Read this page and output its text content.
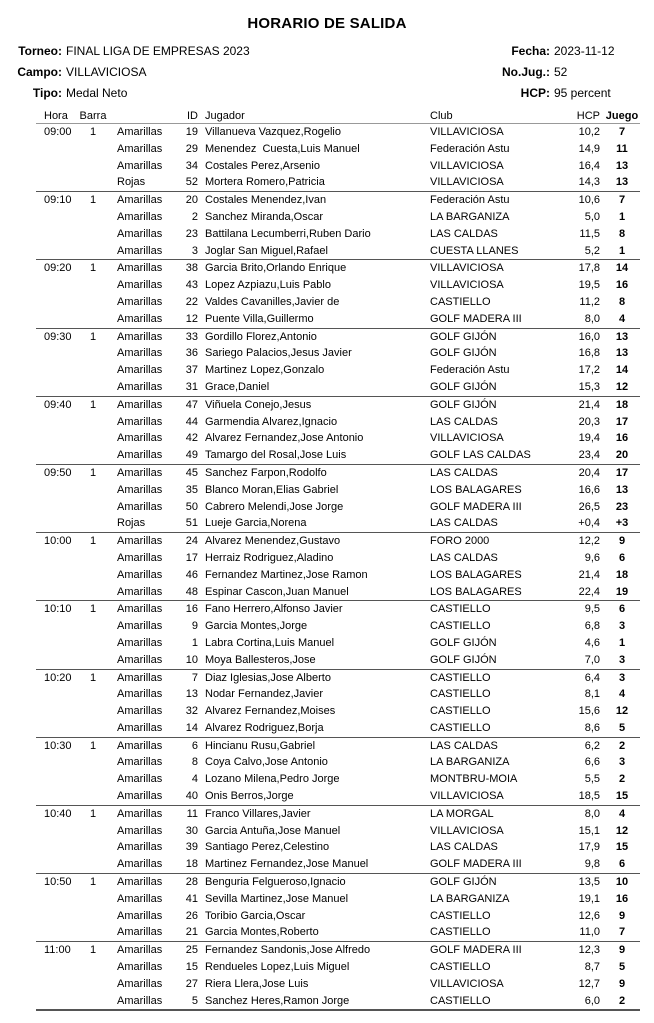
HORARIO DE SALIDA
Torneo: FINAL LIGA DE EMPRESAS 2023
Campo: VILLAVICIOSA
Tipo: Medal Neto
Fecha: 2023-11-12
No.Jug.: 52
HCP: 95 percent
Hora	Barra	ID Jugador	Club	HCP Juego
09:00	1	Amarillas	19 Villanueva Vazquez,Rogelio	VILLAVICIOSA	10,2	7
Amarillas	29 Menendez  Cuesta,Luis Manuel	Federación Astu	14,9	11
Amarillas	34 Costales Perez,Arsenio	VILLAVICIOSA	16,4	13
Rojas	52 Mortera Romero,Patricia	VILLAVICIOSA	14,3	13
09:10	1	Amarillas	20 Costales Menendez,Ivan	Federación Astu	10,6	7
Amarillas	2 Sanchez Miranda,Oscar	LA BARGANIZA	5,0	1
Amarillas	23 Battilana Lecumberri,Ruben Dario	LAS CALDAS	11,5	8
Amarillas	3 Joglar San Miguel,Rafael	CUESTA LLANES	5,2	1
09:20	1	Amarillas	38 Garcia Brito,Orlando Enrique	VILLAVICIOSA	17,8	14
Amarillas	43 Lopez Azpiazu,Luis Pablo	VILLAVICIOSA	19,5	16
Amarillas	22 Valdes Cavanilles,Javier de	CASTIELLO	11,2	8
Amarillas	12 Puente Villa,Guillermo	GOLF MADERA III	8,0	4
09:30	1	Amarillas	33 Gordillo Florez,Antonio	GOLF GIJÓN	16,0	13
Amarillas	36 Sariego Palacios,Jesus Javier	GOLF GIJÓN	16,8	13
Amarillas	37 Martinez Lopez,Gonzalo	Federación Astu	17,2	14
Amarillas	31 Grace,Daniel	GOLF GIJÓN	15,3	12
09:40	1	Amarillas	47 Viñuela Conejo,Jesus	GOLF GIJÓN	21,4	18
Amarillas	44 Garmendia Alvarez,Ignacio	LAS CALDAS	20,3	17
Amarillas	42 Alvarez Fernandez,Jose Antonio	VILLAVICIOSA	19,4	16
Amarillas	49 Tamargo del Rosal,Jose Luis	GOLF LAS CALDAS	23,4	20
09:50	1	Amarillas	45 Sanchez Farpon,Rodolfo	LAS CALDAS	20,4	17
Amarillas	35 Blanco Moran,Elias Gabriel	LOS BALAGARES	16,6	13
Amarillas	50 Cabrero Melendi,Jose Jorge	GOLF MADERA III	26,5	23
Rojas	51 Lueje Garcia,Norena	LAS CALDAS	+0,4	+3
10:00	1	Amarillas	24 Alvarez Menendez,Gustavo	FORO 2000	12,2	9
Amarillas	17 Herraiz Rodriguez,Aladino	LAS CALDAS	9,6	6
Amarillas	46 Fernandez Martinez,Jose Ramon	LOS BALAGARES	21,4	18
Amarillas	48 Espinar Cascon,Juan Manuel	LOS BALAGARES	22,4	19
10:10	1	Amarillas	16 Fano Herrero,Alfonso Javier	CASTIELLO	9,5	6
Amarillas	9 Garcia Montes,Jorge	CASTIELLO	6,8	3
Amarillas	1 Labra Cortina,Luis Manuel	GOLF GIJÓN	4,6	1
Amarillas	10 Moya Ballesteros,Jose	GOLF GIJÓN	7,0	3
10:20	1	Amarillas	7 Diaz Iglesias,Jose Alberto	CASTIELLO	6,4	3
Amarillas	13 Nodar Fernandez,Javier	CASTIELLO	8,1	4
Amarillas	32 Alvarez Fernandez,Moises	CASTIELLO	15,6	12
Amarillas	14 Alvarez Rodriguez,Borja	CASTIELLO	8,6	5
10:30	1	Amarillas	6 Hincianu Rusu,Gabriel	LAS CALDAS	6,2	2
Amarillas	8 Coya Calvo,Jose Antonio	LA BARGANIZA	6,6	3
Amarillas	4 Lozano Milena,Pedro Jorge	MONTBRU-MOIA	5,5	2
Amarillas	40 Onis Berros,Jorge	VILLAVICIOSA	18,5	15
10:40	1	Amarillas	11 Franco Villares,Javier	LA MORGAL	8,0	4
Amarillas	30 Garcia Antuña,Jose Manuel	VILLAVICIOSA	15,1	12
Amarillas	39 Santiago Perez,Celestino	LAS CALDAS	17,9	15
Amarillas	18 Martinez Fernandez,Jose Manuel	GOLF MADERA III	9,8	6
10:50	1	Amarillas	28 Benguria Felgueroso,Ignacio	GOLF GIJÓN	13,5	10
Amarillas	41 Sevilla Martinez,Jose Manuel	LA BARGANIZA	19,1	16
Amarillas	26 Toribio Garcia,Oscar	CASTIELLO	12,6	9
Amarillas	21 Garcia Montes,Roberto	CASTIELLO	11,0	7
11:00	1	Amarillas	25 Fernandez Sandonis,Jose Alfredo	GOLF MADERA III	12,3	9
Amarillas	15 Rendueles Lopez,Luis Miguel	CASTIELLO	8,7	5
Amarillas	27 Riera Llera,Jose Luis	VILLAVICIOSA	12,7	9
Amarillas	5 Sanchez Heres,Ramon Jorge	CASTIELLO	6,0	2
